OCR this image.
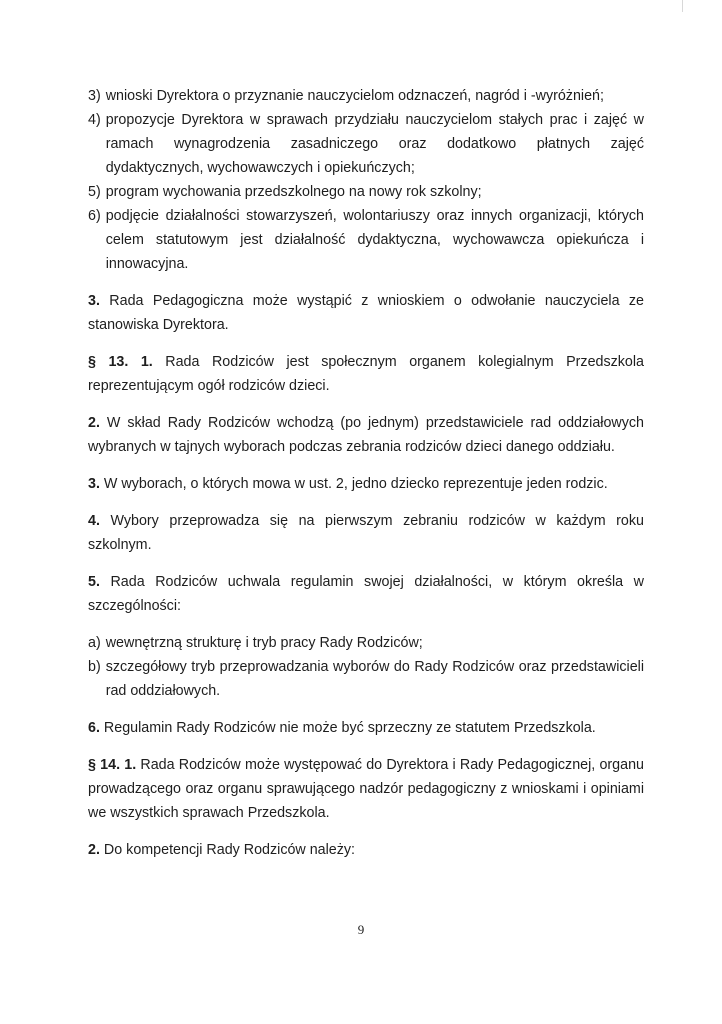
3) wnioski Dyrektora o przyznanie nauczycielom odznaczeń, nagród i -wyróżnień;
4) propozycje Dyrektora w sprawach przydziału nauczycielom stałych prac i zajęć w ramach wynagrodzenia zasadniczego oraz dodatkowo płatnych zajęć dydaktycznych, wychowawczych i opiekuńczych;
5) program wychowania przedszkolnego na nowy rok szkolny;
6) podjęcie działalności stowarzyszeń, wolontariuszy oraz innych organizacji, których celem statutowym jest działalność dydaktyczna, wychowawcza opiekuńcza i innowacyjna.
3. Rada Pedagogiczna może wystąpić z wnioskiem o odwołanie nauczyciela ze stanowiska Dyrektora.
§ 13. 1. Rada Rodziców jest społecznym organem kolegialnym Przedszkola reprezentującym ogół rodziców dzieci.
2. W skład Rady Rodziców wchodzą (po jednym) przedstawiciele rad oddziałowych wybranych w tajnych wyborach podczas zebrania rodziców dzieci danego oddziału.
3. W wyborach, o których mowa w ust. 2, jedno dziecko reprezentuje jeden rodzic.
4. Wybory przeprowadza się na pierwszym zebraniu rodziców w każdym roku szkolnym.
5. Rada Rodziców uchwala regulamin swojej działalności, w którym określa w szczególności:
a) wewnętrzną strukturę i tryb pracy Rady Rodziców;
b) szczegółowy tryb przeprowadzania wyborów do Rady Rodziców oraz przedstawicieli rad oddziałowych.
6. Regulamin Rady Rodziców nie może być sprzeczny ze statutem Przedszkola.
§ 14. 1. Rada Rodziców może występować do Dyrektora i Rady Pedagogicznej, organu prowadzącego oraz organu sprawującego nadzór pedagogiczny z wnioskami i opiniami we wszystkich sprawach Przedszkola.
2. Do kompetencji Rady Rodziców należy:
9
